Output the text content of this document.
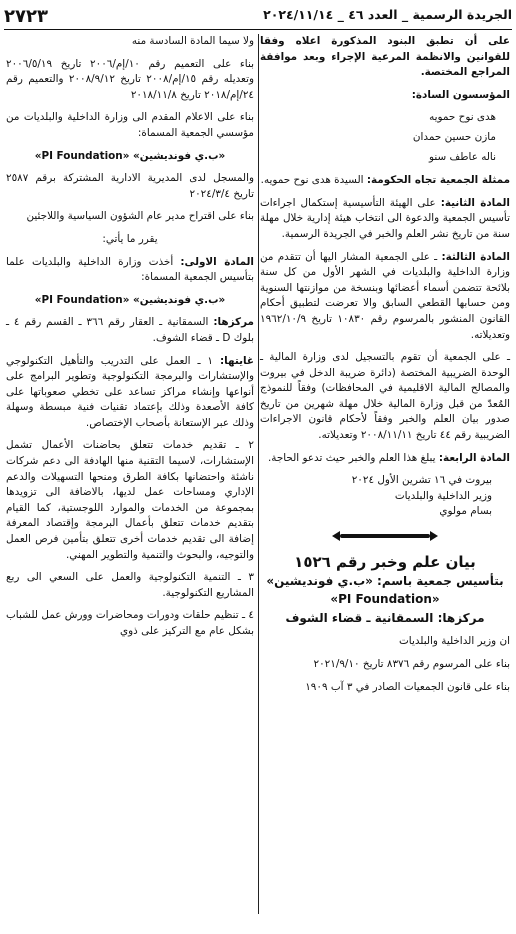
الجريدة الرسمية _ العدد ٤٦ _ ٢٠٢٤/١١/١٤
٢٧٢٣

على أن تطبق البنود المذكورة اعلاه وفقا للقوانين والانظمة المرعية الإجراء وبعد موافقة المراجع المختصة.

المؤسسون السادة:

هدى نوح حمويه
مازن حسين حمدان
ناله عاطف سنو

ممثلة الجمعية تجاه الحكومة: السيدة هدى نوح حمويه.

المادة الثانية: على الهيئة التأسيسية إستكمال اجراءات تأسيس الجمعية والدعوة الى انتخاب هيئة إدارية خلال مهلة سنة من تاريخ نشر العلم والخبر في الجريدة الرسمية.

المادة الثالثة: ـ على الجمعية المشار اليها أن تتقدم من وزارة الداخلية والبلديات في الشهر الأول من كل سنة بلائحة تتضمن أسماء أعضائها وبنسخة من موازنتها السنوية ومن حسابها القطعي السابق والا تعرضت لتطبيق أحكام القانون المنشور بالمرسوم رقم ١٠٨٣٠ تاريخ ١٩٦٢/١٠/٩ وتعديلاته.

ـ على الجمعية أن تقوم بالتسجيل لدى وزارة المالية ـ الوحدة الضريبية المختصة (دائرة ضريبة الدخل في بيروت والمصالح المالية الاقليمية في المحافظات) وفقاً للنموذج المُعدّ من قبل وزارة المالية خلال مهلة شهرين من تاريخ صدور بيان العلم والخبر وفقاً لأحكام قانون الاجراءات الضريبية رقم ٤٤ تاريخ ٢٠٠٨/١١/١١ وتعديلاته.

المادة الرابعة: يبلغ هذا العلم والخبر حيث تدعو الحاجة.

بيروت في ١٦ تشرين الأول ٢٠٢٤
وزير الداخلية والبلديات
بسام مولوي
بيان علم وخبر رقم ١٥٢٦
بتأسيس جمعية باسم: «ب.ي فونديشين»
«PI Foundation»
مركزها: السمقانية ـ قضاء الشوف

ان وزير الداخلية والبلديات

بناء على المرسوم رقم ٨٣٧٦ تاريخ ٢٠٢١/٩/١٠

بناء على قانون الجمعيات الصادر في ٣ آب ١٩٠٩

ولا سيما المادة السادسة منه

بناء على التعميم رقم ١٠/إم/٢٠٠٦ تاريخ ٢٠٠٦/٥/١٩ وتعديله رقم ١٥/إم/٢٠٠٨ تاريخ ٢٠٠٨/٩/١٢ والتعميم رقم ٢٤/إم/٢٠١٨ تاريخ ٢٠١٨/١١/٨

بناء على الاعلام المقدم الى وزارة الداخلية والبلديات من مؤسسي الجمعية المسماة:

«ب.ي فونديشين» «PI Foundation»

والمسجل لدى المديرية الادارية المشتركة برقم ٢٥٨٧ تاريخ ٢٠٢٤/٣/٤

بناء على اقتراح مدير عام الشؤون السياسية واللاجئين

يقرر ما يأتي:

المادة الاولى: أخذت وزارة الداخلية والبلديات علما بتأسيس الجمعية المسماة:

«ب.ي فونديشين» «PI Foundation»

مركزها: السمقانية ـ العقار رقم ٣٦٦ ـ القسم رقم ٤ ـ بلوك D ـ قضاء الشوف.

غايتها: ١ ـ العمل على التدريب والتأهيل التكنولوجي والإستشارات والبرمجة التكنولوجية وتطوير البرامج على أنواعها وإنشاء مراكز تساعد على تخطي صعوباتها على كافة الأصعدة وذلك بإعتماد تقنيات فنية مبسطة وسهلة وذلك عبر الإستعانة بأصحاب الإختصاص.

٢ ـ تقديم خدمات تتعلق بحاضنات الأعمال تشمل الإستشارات، لاسيما التقنية منها الهادفة الى دعم شركات ناشئة واحتضانها بكافة الطرق ومنحها التسهيلات والدعم الإداري ومساحات عمل لديها، بالاضافة الى تزويدها بمجموعة من الخدمات والموارد اللوجستية، كما القيام بتقديم خدمات تتعلق بأعمال البرمجة وإقتصاد المعرفة إضافة الى تقديم خدمات أخرى تتعلق بتأمين فرص العمل والتوجيه، والبحوث والتنمية والتطوير المهني.

٣ ـ التنمية التكنولوجية والعمل على السعي الى ربع المشاريع التكنولوجية.

٤ ـ تنظيم حلقات ودورات ومحاضرات وورش عمل للشباب بشكل عام مع التركيز على ذوي
